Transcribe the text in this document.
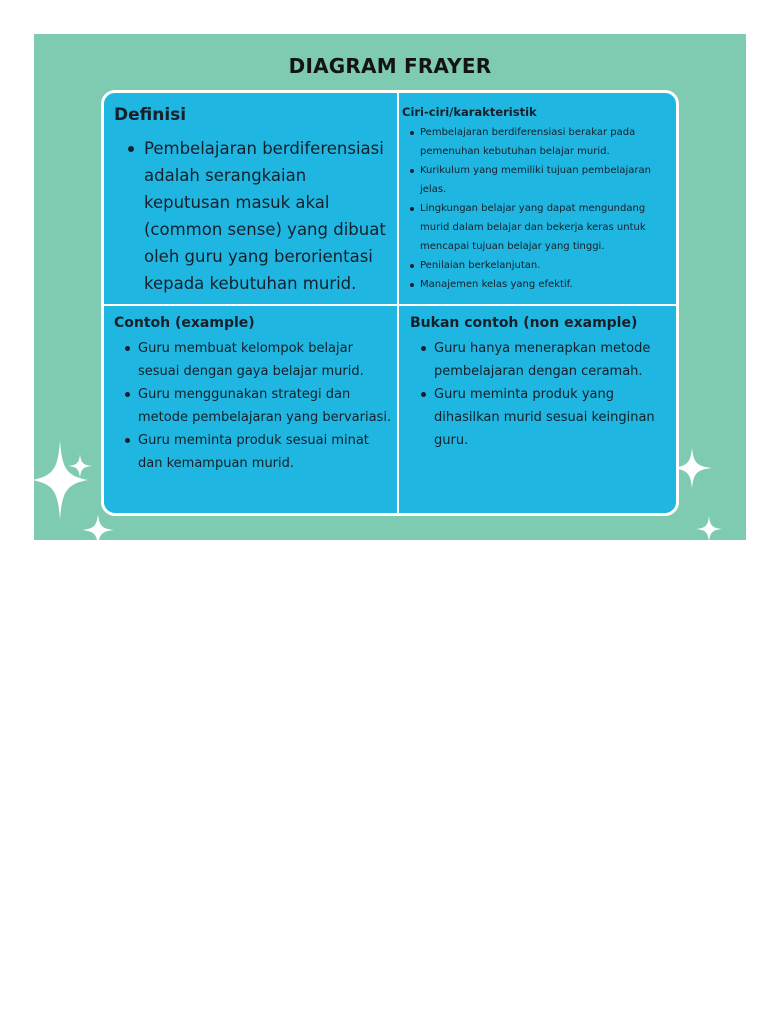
DIAGRAM FRAYER
Definisi
Pembelajaran berdiferensiasi adalah serangkaian keputusan masuk akal (common sense) yang dibuat oleh guru yang berorientasi kepada kebutuhan murid.
Ciri-ciri/karakteristik
Pembelajaran berdiferensiasi berakar pada pemenuhan kebutuhan belajar murid.
Kurikulum yang memiliki tujuan pembelajaran jelas.
Lingkungan belajar yang dapat mengundang murid dalam belajar dan bekerja keras untuk mencapai tujuan belajar yang tinggi.
Penilaian berkelanjutan.
Manajemen kelas yang efektif.
Contoh (example)
Guru membuat kelompok belajar sesuai dengan gaya belajar murid.
Guru menggunakan strategi dan metode pembelajaran yang bervariasi.
Guru meminta produk sesuai minat dan kemampuan murid.
Bukan contoh (non example)
Guru hanya menerapkan metode pembelajaran dengan ceramah.
Guru meminta produk yang dihasilkan murid sesuai keinginan guru.
